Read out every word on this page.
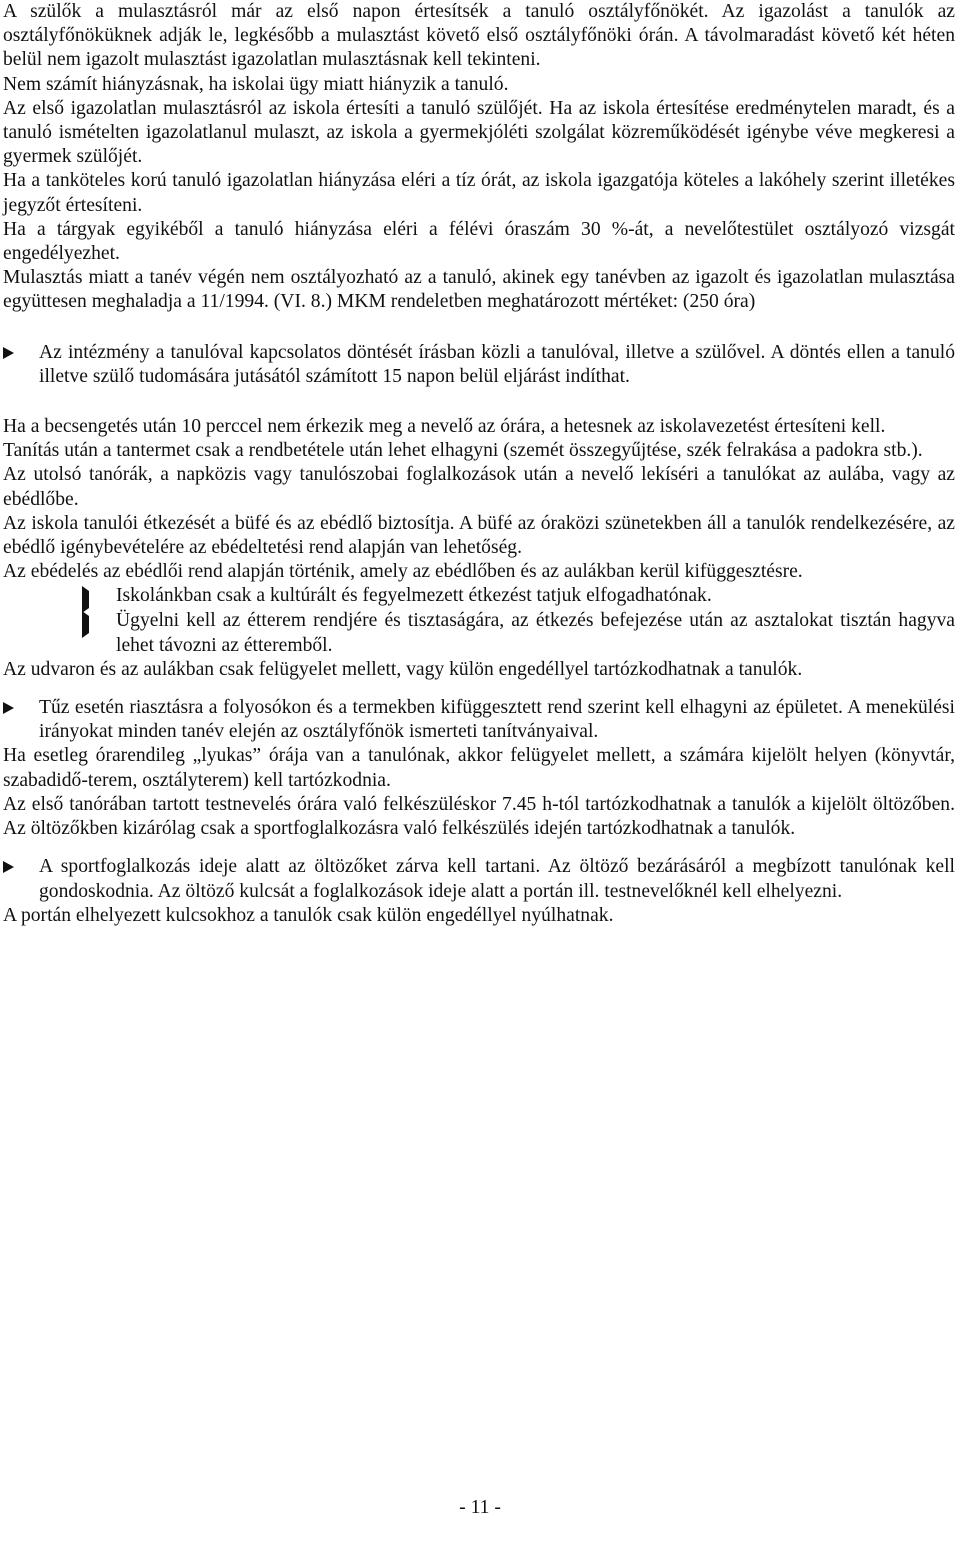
A szülők a mulasztásról már az első napon értesítsék a tanuló osztályfőnökét. Az igazolást a tanulók az osztályfőnöküknek adják le, legkésőbb a mulasztást követő első osztályfőnöki órán. A távolmaradást követő két héten belül nem igazolt mulasztást igazolatlan mulasztásnak kell tekinteni.

Nem számít hiányzásnak, ha iskolai ügy miatt hiányzik a tanuló.

Az első igazolatlan mulasztásról az iskola értesíti a tanuló szülőjét. Ha az iskola értesítése eredménytelen maradt, és a tanuló ismételten igazolatlanul mulaszt, az iskola a gyermekjóléti szolgálat közreműködését igénybe véve megkeresi a gyermek szülőjét.

Ha a tanköteles korú tanuló igazolatlan hiányzása eléri a tíz órát, az iskola igazgatója köteles a lakóhely szerint illetékes jegyzőt értesíteni.

Ha a tárgyak egyikéből a tanuló hiányzása eléri a félévi óraszám 30 %-át, a nevelőtestület osztályozó vizsgát engedélyezhet.

Mulasztás miatt a tanév végén nem osztályozható az a tanuló, akinek egy tanévben az igazolt és igazolatlan mulasztása együttesen meghaladja a 11/1994. (VI. 8.) MKM rendeletben meghatározott mértéket: (250 óra)

Az intézmény a tanulóval kapcsolatos döntését írásban közli a tanulóval, illetve a szülővel. A döntés ellen a tanuló illetve szülő tudomására jutásától számított 15 napon belül eljárást indíthat.

Ha a becsengetés után 10 perccel nem érkezik meg a nevelő az órára, a hetesnek az iskolavezetést értesíteni kell.

Tanítás után a tantermet csak a rendbetétele után lehet elhagyni (szemét összegyűjtése, szék felrakása a padokra stb.).

Az utolsó tanórák, a napközis vagy tanulószobai foglalkozások után a nevelő lekíséri a tanulókat az aulába, vagy az ebédlőbe.

Az iskola tanulói étkezését a büfé és az ebédlő biztosítja. A büfé az óraközi szünetekben áll a tanulók rendelkezésére, az ebédlő igénybevételére az ebédeltetési rend alapján van lehetőség.

Az ebédelés az ebédlői rend alapján történik, amely az ebédlőben és az aulákban kerül kifüggesztésre.

Iskolánkban csak a kultúrált és fegyelmezett étkezést tatjuk elfogadhatónak.
Ügyelni kell az étterem rendjére és tisztaságára, az étkezés befejezése után az asztalokat tisztán hagyva lehet távozni az étteremből.

Az udvaron és az aulákban csak felügyelet mellett, vagy külön engedéllyel tartózkodhatnak a tanulók.

Tűz esetén riasztásra a folyosókon és a termekben kifüggesztett rend szerint kell elhagyni az épületet. A menekülési irányokat minden tanév elején az osztályfőnök ismerteti tanítványaival.

Ha esetleg órarendileg „lyukas” órája van a tanulónak, akkor felügyelet mellett, a számára kijelölt helyen (könyvtár, szabadidő-terem, osztályterem) kell tartózkodnia.

Az első tanórában tartott testnevelés órára való felkészüléskor 7.45 h-tól tartózkodhatnak a tanulók a kijelölt öltözőben. Az öltözőkben kizárólag csak a sportfoglalkozásra való felkészülés idején tartózkodhatnak a tanulók.

A sportfoglalkozás ideje alatt az öltözőket zárva kell tartani. Az öltöző bezárásáról a megbízott tanulónak kell gondoskodnia. Az öltöző kulcsát a foglalkozások ideje alatt a portán ill. testnevelőknél kell elhelyezni.

A portán elhelyezett kulcsokhoz a tanulók csak külön engedéllyel nyúlhatnak.

- 11 -
